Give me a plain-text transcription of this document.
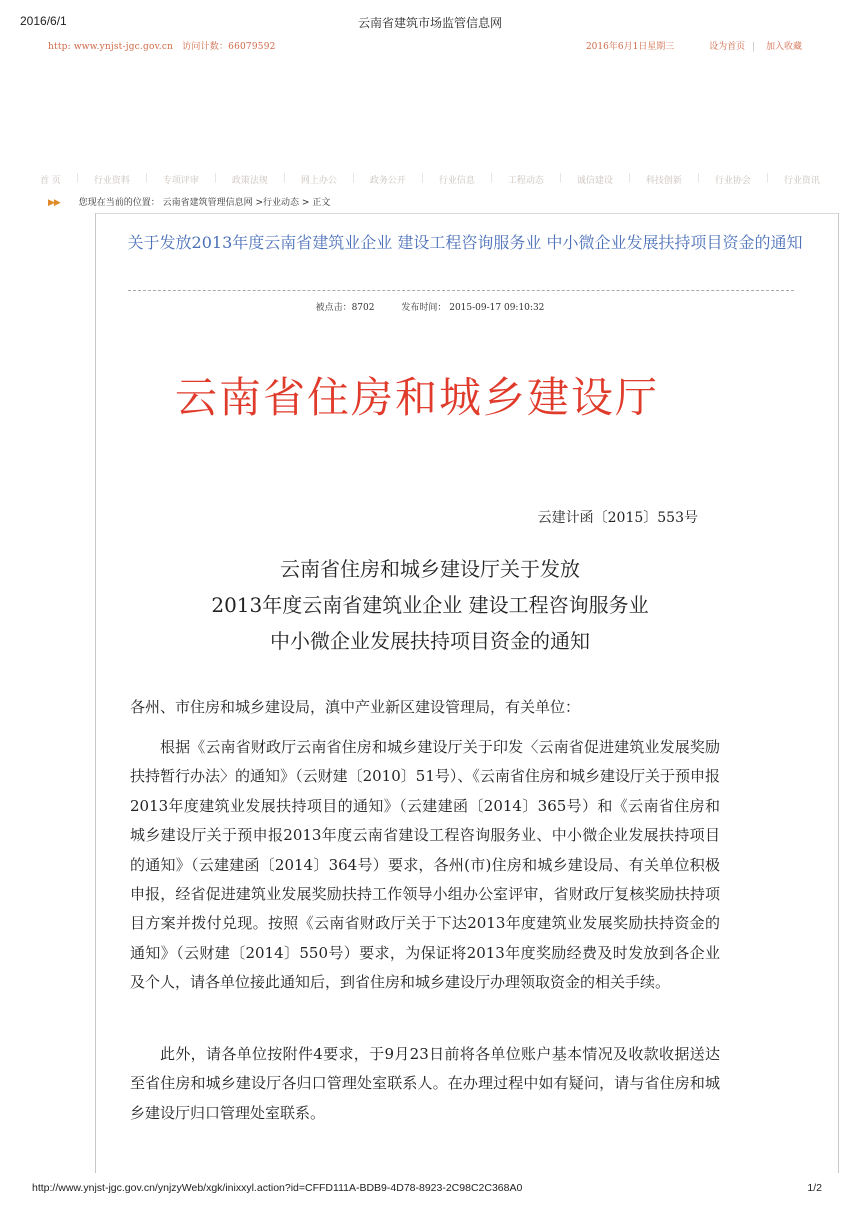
2016/6/1	云南省建筑市场监管信息网
http: www.ynjst-jgc.gov.cn 访问计数：66079592	2016年6月1日星期三	设为首页 | 加入收藏
首 页 | 行业资料 | 专项评审 | 政策法规 | 网上办公 | 政务公开 | 行业信息 | 工程动态 | 诚信建设 | 科技创新 | 行业协会 | 行业资讯
▶▶ 您现在当前的位置： 云南省建筑管理信息网 >行业动态 > 正文
关于发放2013年度云南省建筑业企业 建设工程咨询服务业 中小微企业发展扶持项目资金的通知
被点击：8702	发布时间： 2015-09-17 09:10:32
云南省住房和城乡建设厅
云建计函〔2015〕553号
云南省住房和城乡建设厅关于发放
2013年度云南省建筑业企业 建设工程咨询服务业
中小微企业发展扶持项目资金的通知
各州、市住房和城乡建设局，滇中产业新区建设管理局，有关单位：
根据《云南省财政厅云南省住房和城乡建设厅关于印发〈云南省促进建筑业发展奖励扶持暂行办法〉的通知》（云财建〔2010〕51号）、《云南省住房和城乡建设厅关于预申报2013年度建筑业发展扶持项目的通知》（云建建函〔2014〕365号）和《云南省住房和城乡建设厅关于预申报2013年度云南省建设工程咨询服务业、中小微企业发展扶持项目的通知》（云建建函〔2014〕364号）要求，各州(市)住房和城乡建设局、有关单位积极申报，经省促进建筑业发展奖励扶持工作领导小组办公室评审，省财政厅复核奖励扶持项目方案并拨付兑现。按照《云南省财政厅关于下达2013年度建筑业发展奖励扶持资金的通知》（云财建〔2014〕550号）要求，为保证将2013年度奖励经费及时发放到各企业及个人，请各单位接此通知后，到省住房和城乡建设厅办理领取资金的相关手续。
此外，请各单位按附件4要求，于9月23日前将各单位账户基本情况及收款收据送达至省住房和城乡建设厅各归口管理处室联系人。在办理过程中如有疑问，请与省住房和城乡建设厅归口管理处室联系。
http://www.ynjst-jgc.gov.cn/ynjzyWeb/xgk/inixxyl.action?id=CFFD111A-BDB9-4D78-8923-2C98C2C368A0	1/2
